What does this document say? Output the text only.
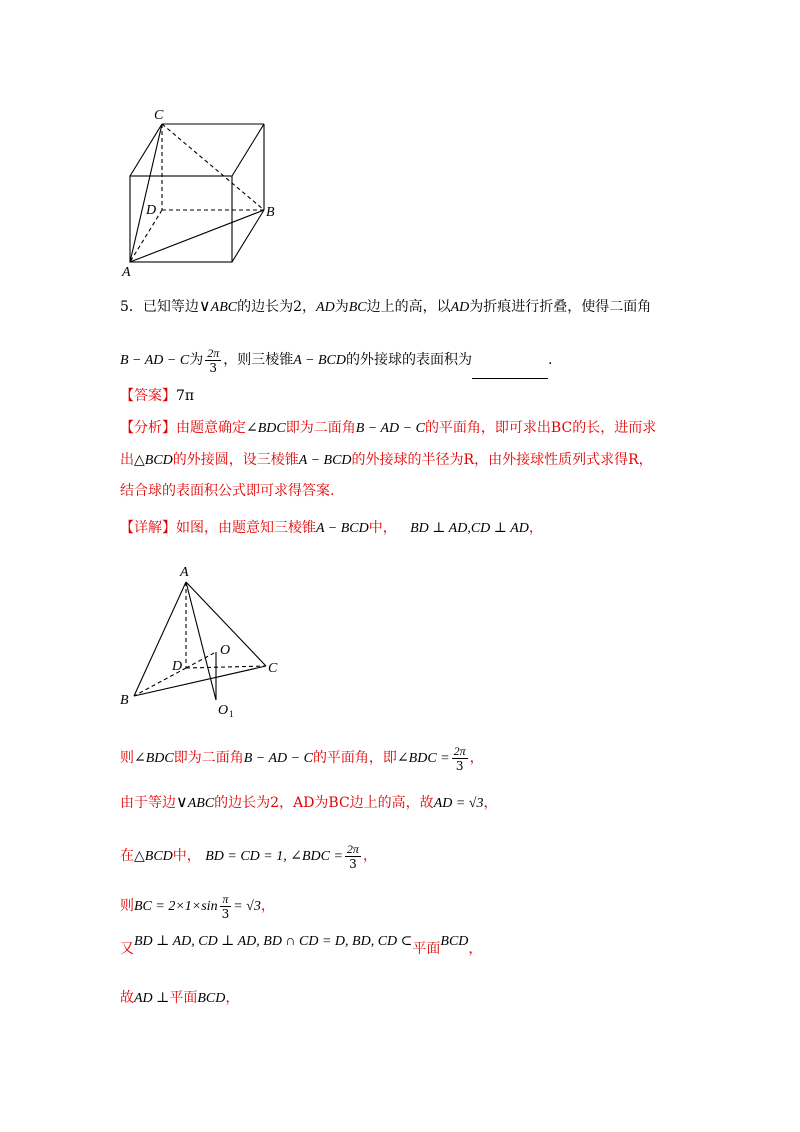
C
D	B
A
5．已知等边∨ABC的边长为2，AD为BC边上的高，以AD为折痕进行折叠，使得二面角
B − AD − C为 $\frac{2\pi}{3}$ ，则三棱锥A − BCD的外接球的表面积为	.
【答案】7π
【分析】由题意确定∠BDC即为二面角B − AD − C的平面角，即可求出BC的长，进而求
出△BCD的外接圆，设三棱锥A − BCD的外接球的半径为R，由外接球性质列式求得R，
结合球的表面积公式即可求得答案.
【详解】如图，由题意知三棱锥A − BCD中， BD ⊥ AD,CD ⊥ AD，
A
D
O
C
B
O 1
则∠BDC即为二面角B − AD − C的平面角，即∠BDC = $\frac{2\pi}{3}$ ，
由于等边∨ABC的边长为2，AD为BC边上的高，故AD = √3，
在△BCD中， BD = CD = 1, ∠BDC = $\frac{2\pi}{3}$ ，
则BC = $2\times 1\times\sin \frac{\pi}{3} = √3$，
又BD ⊥ AD, CD ⊥ AD, BD ∩ CD = D, BD, CD ⊂平面BCD，
故AD ⊥平面BCD，
